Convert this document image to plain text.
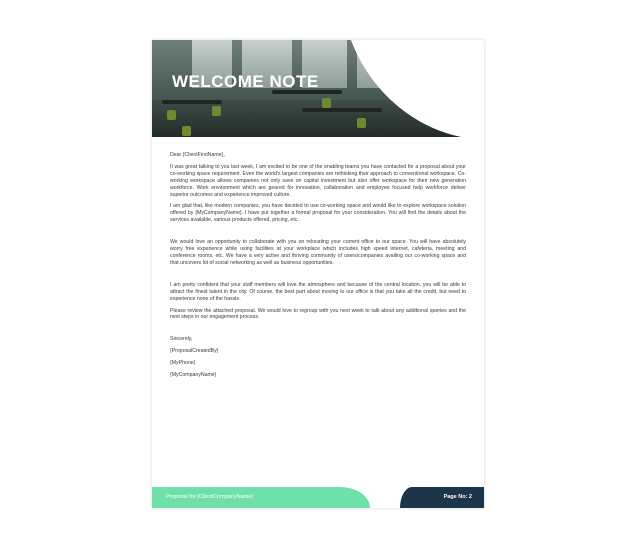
WELCOME NOTE

Dear {ClientFirstName},

It was great talking to you last week, I am excited to be one of the enabling teams you have contacted for a proposal about your co-working space requirement. Even the world's largest companies are rethinking their approach to conventional workspace. Co-working workspace allows companies not only save on capital investment but also offer workspace for their new generation workforce. Work environment which are geared for innovation, collaboration and employee focused help workforce deliver superior outcomes and experience improved culture.

I am glad that, like modern companies, you have decided to use co-working space and would like to explore workspace solution offered by {MyCompanyName}. I have put together a formal proposal for your consideration. You will find the details about the services available, various products offered, pricing, etc.

We would love an opportunity to collaborate with you on relocating your current office to our space. You will have absolutely worry free experience while using facilities at your workplace which includes high speed internet, cafeteria, meeting and conference rooms, etc. We have a very active and thriving community of users/companies availing our co-working space and that uncovers lot of social networking as well as business opportunities.

I am pretty confident that your staff members will love the atmosphere and because of the central location, you will be able to attract the finest talent in the city. Of course, the best part about moving to our office is that you take all the credit, but need to experience none of the hassle.

Please review the attached proposal. We would love to regroup with you next week to talk about any additional queries and the next steps in our engagement process.

Sincerely,

{ProposalCreatedBy}

{MyPhone}

{MyCompanyName}

Proposal for {ClientCompanyName}	Page No: 2
